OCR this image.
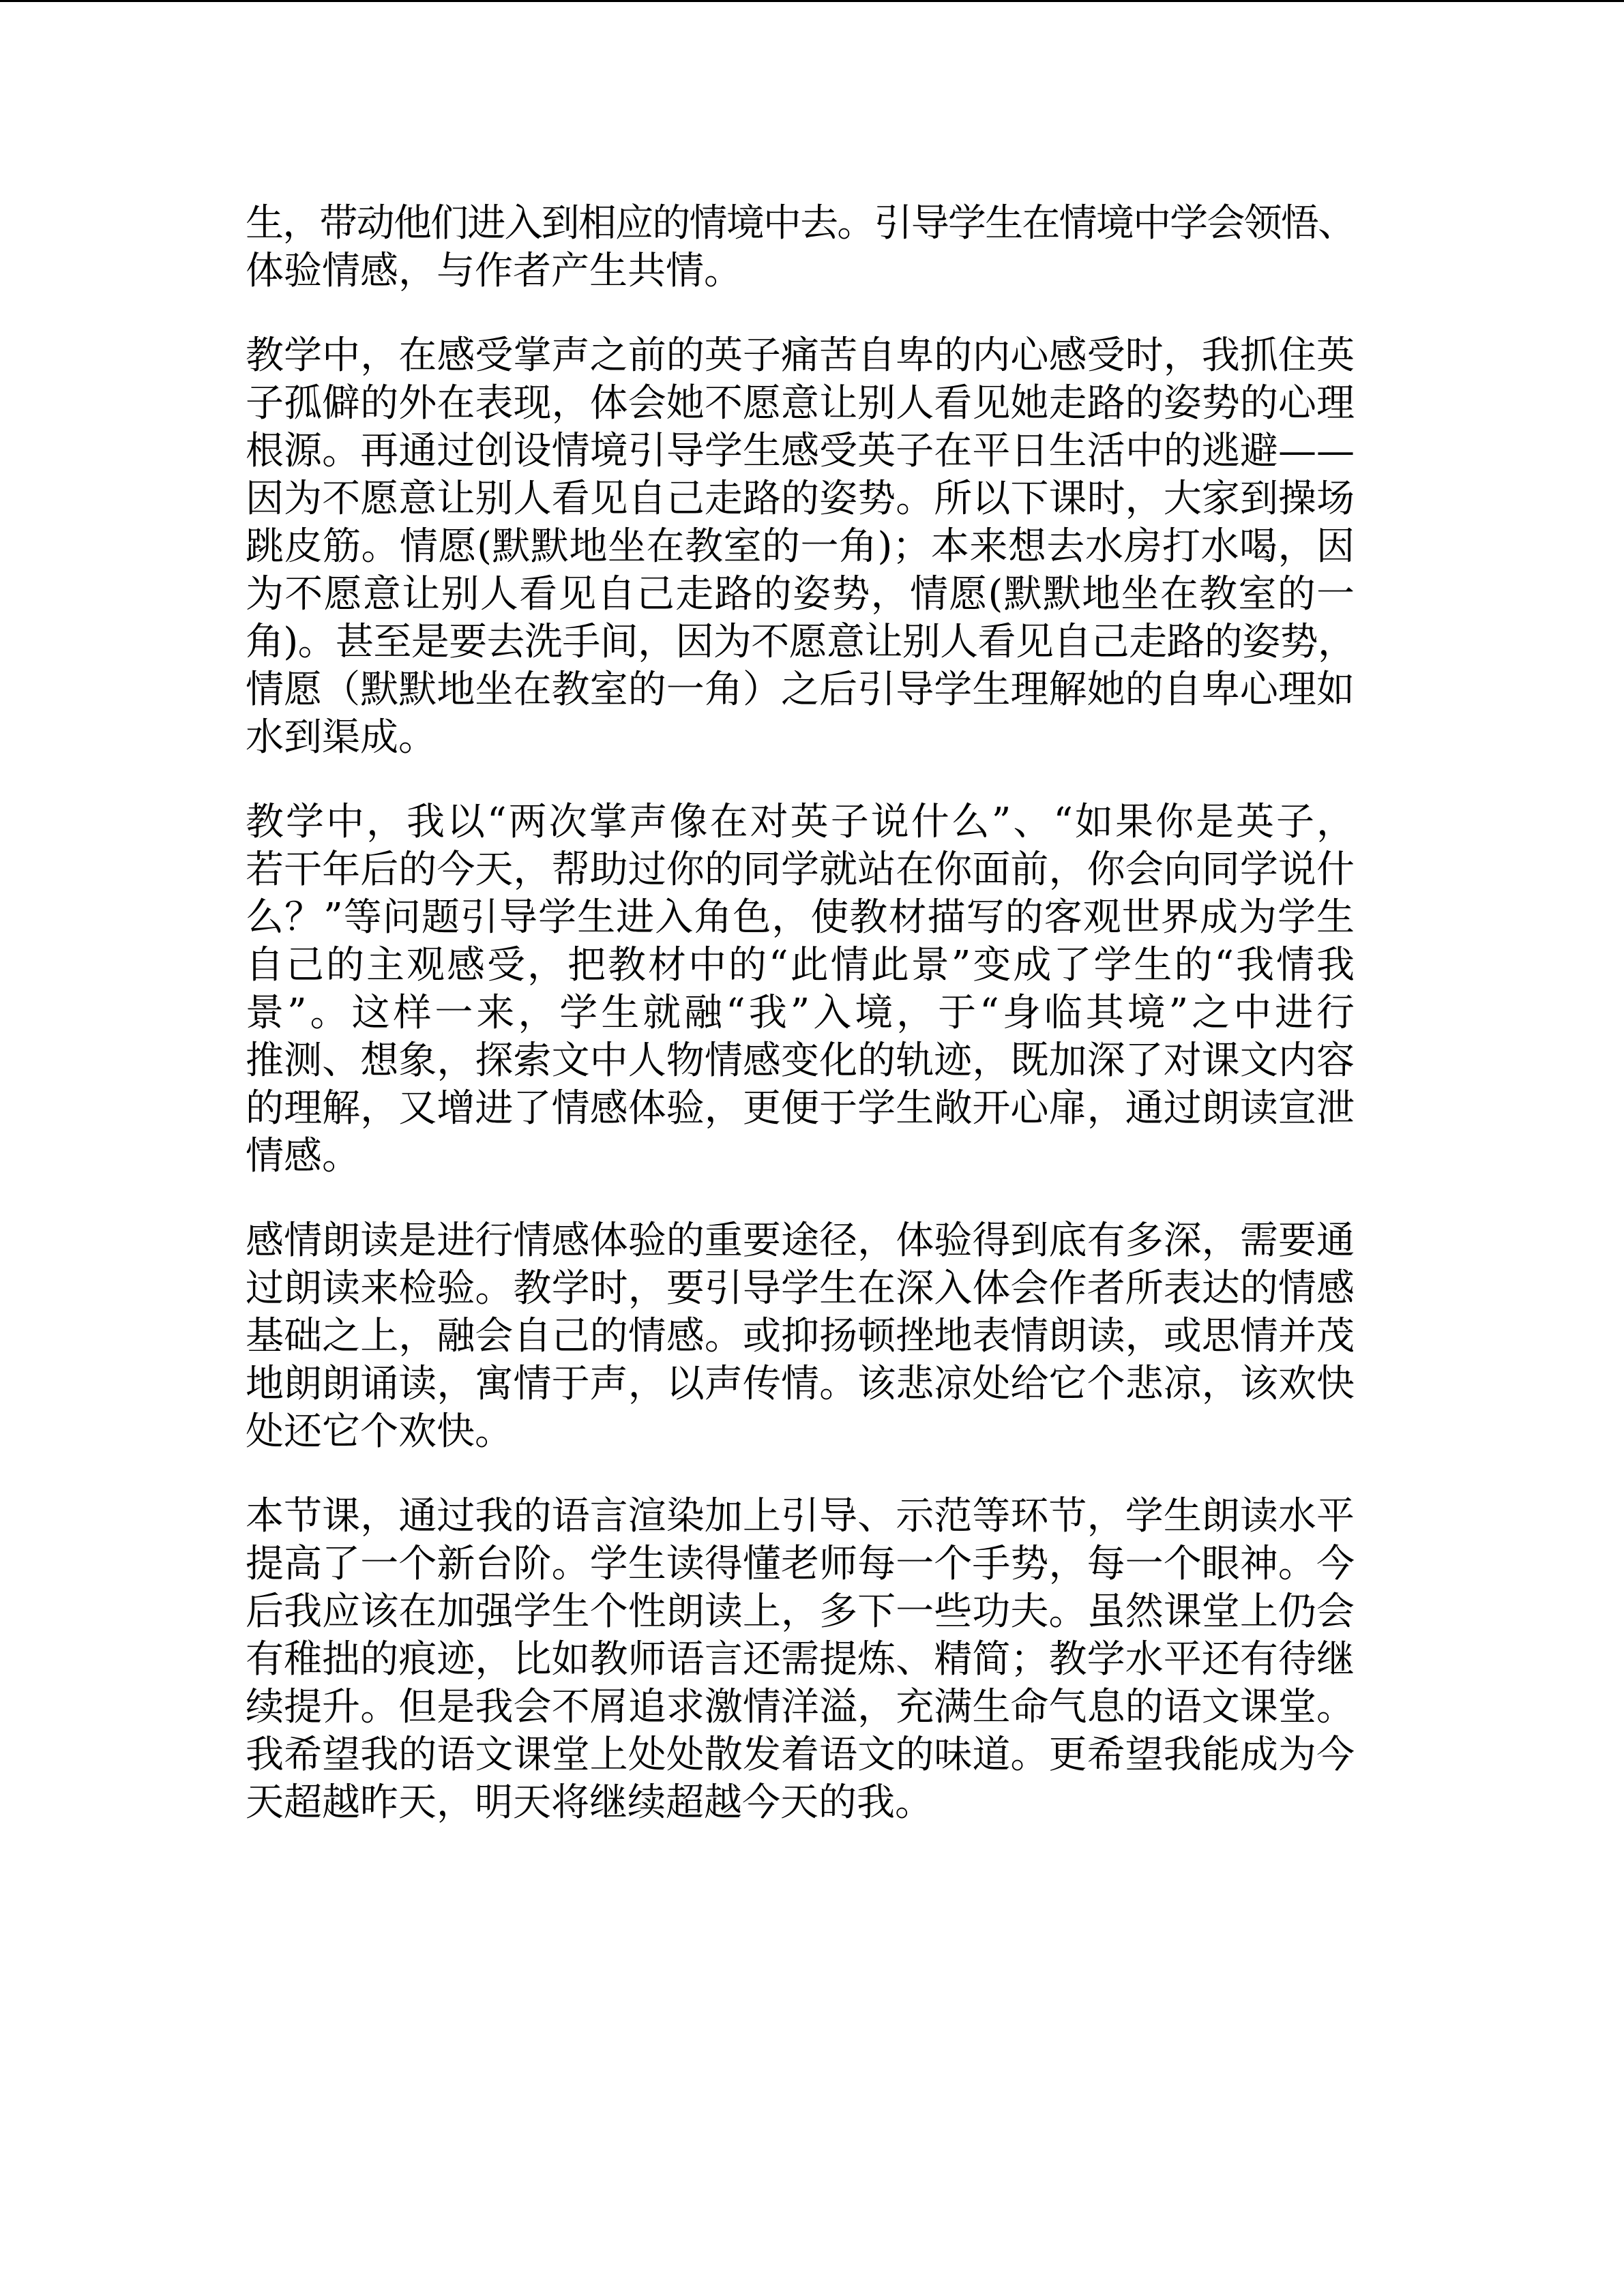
生，带动他们进入到相应的情境中去。引导学生在情境中学会领悟、
体验情感，与作者产生共情。
教学中，在感受掌声之前的英子痛苦自卑的内心感受时，我抓住英
子孤僻的外在表现，体会她不愿意让别人看见她走路的姿势的心理
根源。再通过创设情境引导学生感受英子在平日生活中的逃避——
因为不愿意让别人看见自己走路的姿势。所以下课时，大家到操场
跳皮筋。情愿(默默地坐在教室的一角)；本来想去水房打水喝，因
为不愿意让别人看见自己走路的姿势，情愿(默默地坐在教室的一
角)。甚至是要去洗手间，因为不愿意让别人看见自己走路的姿势，
情愿（默默地坐在教室的一角）之后引导学生理解她的自卑心理如
水到渠成。
教学中，我以“两次掌声像在对英子说什么”、“如果你是英子，
若干年后的今天，帮助过你的同学就站在你面前，你会向同学说什
么？”等问题引导学生进入角色，使教材描写的客观世界成为学生
自己的主观感受，把教材中的“此情此景”变成了学生的“我情我
景”。这样一来，学生就融“我”入境，于“身临其境”之中进行
推测、想象，探索文中人物情感变化的轨迹，既加深了对课文内容
的理解，又增进了情感体验，更便于学生敞开心扉，通过朗读宣泄
情感。
感情朗读是进行情感体验的重要途径，体验得到底有多深，需要通
过朗读来检验。教学时，要引导学生在深入体会作者所表达的情感
基础之上，融会自己的情感。或抑扬顿挫地表情朗读，或思情并茂
地朗朗诵读，寓情于声，以声传情。该悲凉处给它个悲凉，该欢快
处还它个欢快。
本节课，通过我的语言渲染加上引导、示范等环节，学生朗读水平
提高了一个新台阶。学生读得懂老师每一个手势，每一个眼神。今
后我应该在加强学生个性朗读上，多下一些功夫。虽然课堂上仍会
有稚拙的痕迹，比如教师语言还需提炼、精简；教学水平还有待继
续提升。但是我会不屑追求激情洋溢，充满生命气息的语文课堂。
我希望我的语文课堂上处处散发着语文的味道。更希望我能成为今
天超越昨天，明天将继续超越今天的我。
